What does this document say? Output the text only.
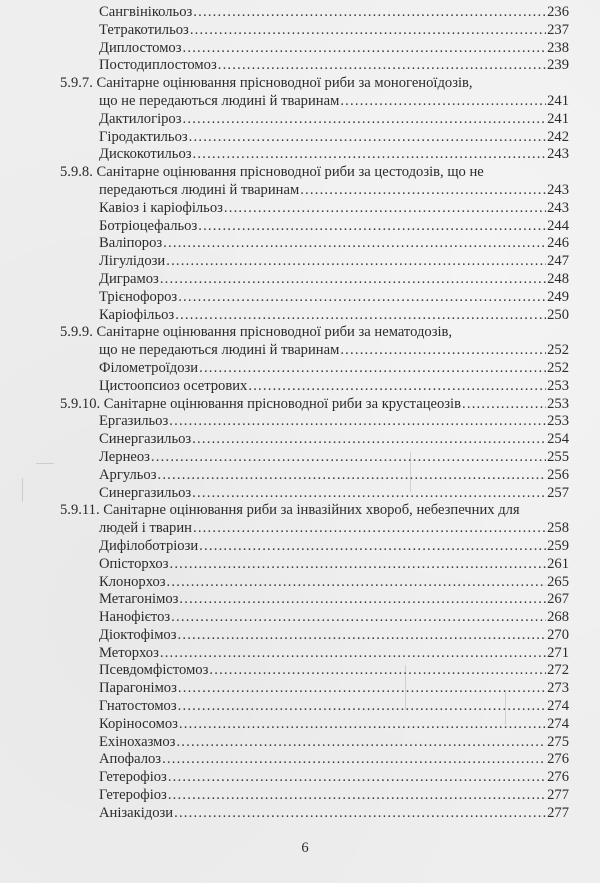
Сангвінікольоз .....	236
Тетракотильоз .....	237
Диплостомоз .....	238
Постодиплостомоз .....	239
5.9.7. Санітарне оцінювання прісноводної риби за моногеноїдозів,
що не передаються людині й тваринам .....	241
Дактилогіроз .....	241
Гіродактильоз .....	242
Дискокотильоз .....	243
5.9.8. Санітарне оцінювання прісноводної риби за цестодозів, що не
передаються людині й тваринам .....	243
Кавіоз і каріофільоз .....	243
Ботріоцефальоз .....	244
Валіпороз .....	246
Лігулідози .....	247
Диграмоз .....	248
Трієнофороз .....	249
Каріофільоз .....	250
5.9.9. Санітарне оцінювання прісноводної риби за нематодозів,
що не передаються людині й тваринам .....	252
Філометроїдози .....	252
Цистоопсиоз осетрових .....	253
5.9.10.
Санітарне оцінювання прісноводної риби за крустацеозів .....	253
Ергазильоз .....	253
Синергазильоз .....	254
Лернеоз .....	255
Аргульоз .....	256
Синергазильоз .....	257
5.9.11. Санітарне оцінювання риби за інвазійних хвороб, небезпечних для
людей і тварин .....	258
Дифілоботріози .....	259
Опісторхоз .....	261
Клонорхоз .....	265
Метагонімоз .....	267
Нанофієтоз .....	268
Діоктофімоз .....	270
Меторхоз .....	271
Псевдомфістомоз .....	272
Парагонімоз .....	273
Гнатостомоз .....	274
Коріносомоз .....	274
Ехінохазмоз .....	275
Апофалоз .....	276
Гетерофіоз .....	276
Гетерофіоз .....	277
Анізакідози .....	277
6
